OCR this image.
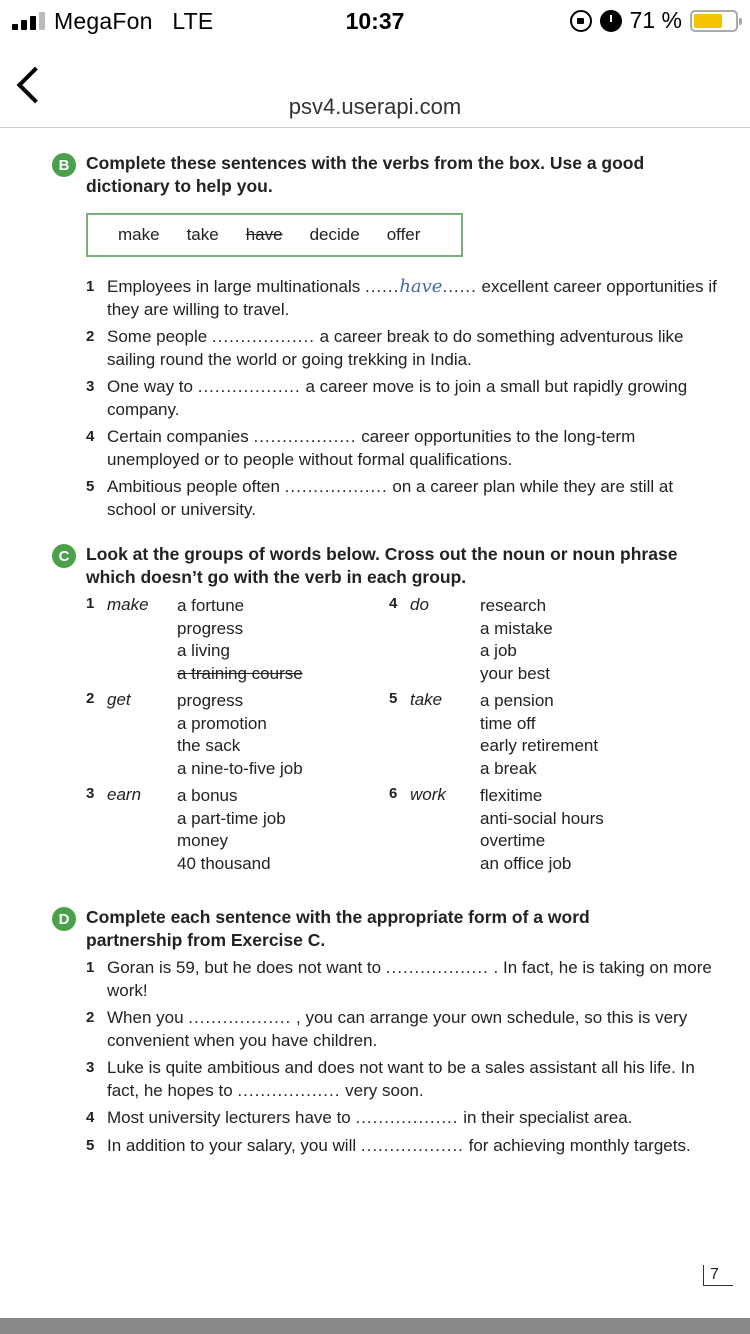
MegaFon LTE	10:37	71 %
psv4.userapi.com
B Complete these sentences with the verbs from the box. Use a good dictionary to help you.
make take have decide offer
1 Employees in large multinationals ......have...... excellent career opportunities if they are willing to travel.
2 Some people .................. a career break to do something adventurous like sailing round the world or going trekking in India.
3 One way to .................. a career move is to join a small but rapidly growing company.
4 Certain companies .................. career opportunities to the long-term unemployed or to people without formal qualifications.
5 Ambitious people often .................. on a career plan while they are still at school or university.
C Look at the groups of words below. Cross out the noun or noun phrase which doesn’t go with the verb in each group.
1 make a fortune
progress
a living
a training course
2 get	progress
a promotion
the sack
a nine-to-five job
3 earn a bonus
a part-time job
money
40 thousand
4 do	research
a mistake
a job
your best
5 take a pension
time off
early retirement
a break
6 work flexitime
anti-social hours
overtime
an office job
D Complete each sentence with the appropriate form of a word partnership from Exercise C.
1 Goran is 59, but he does not want to .................. . In fact, he is taking on more work!
2 When you .................. , you can arrange your own schedule, so this is very convenient when you have children.
3 Luke is quite ambitious and does not want to be a sales assistant all his life. In fact, he hopes to .................. very soon.
4 Most university lecturers have to .................. in their specialist area.
5 In addition to your salary, you will .................. for achieving monthly targets.
7
